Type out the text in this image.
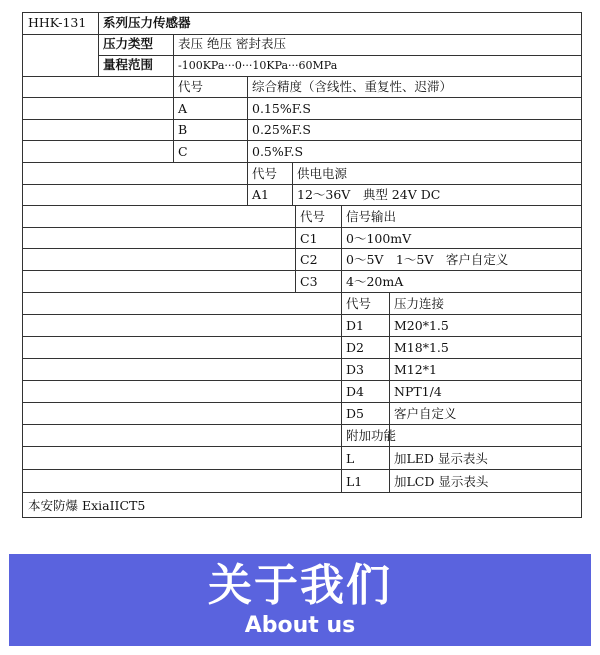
HHK-131 系列压力传感器
压力类型 表压 绝压 密封表压
量程范围 -100KPa···0···10KPa···60MPa
代号	综合精度（含线性、重复性、迟滞）
A	0.15%F.S
B	0.25%F.S
C	0.5%F.S
代号 供电电源
A1 12～36V　典型 24V DC
代号 信号输出
C1 0～100mV
C2 0～5V　1～5V　客户自定义
C3 4～20mA
代号 压力连接
D1 M20*1.5
D2 M18*1.5
D3 M12*1
D4 NPT1/4
D5 客户自定义
附加功能
L	加LED 显示表头
L1	加LCD 显示表头
本安防爆 ExiaIICT5
关于我们
About us
